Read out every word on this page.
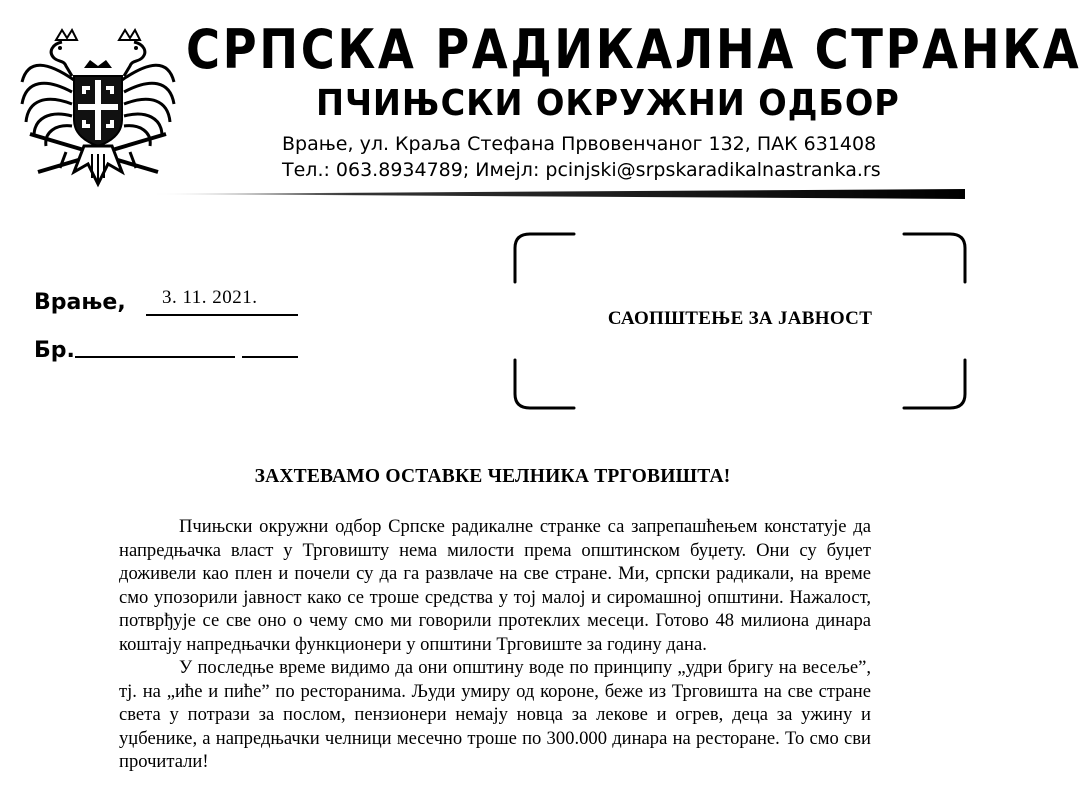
СРПСКА РАДИКАЛНА СТРАНКА
ПЧИЊСКИ ОКРУЖНИ ОДБОР
Врање, ул. Краља Стефана Првовенчаног 132, ПАК 631408
Тел.: 063.8934789; Имејл: pcinjski@srpskaradikalnastranka.rs
Врање, 3. 11. 2021.
Бр.
САОПШТЕЊЕ ЗА ЈАВНОСТ
ЗАХТЕВАМО ОСТАВКЕ ЧЕЛНИКА ТРГОВИШТА!

Пчињски окружни одбор Српске радикалне странке са запрепашћењем констатује да напредњачка власт у Трговишту нема милости према општинском буџету. Они су буџет доживели као плен и почели су да га развлаче на све стране. Ми, српски радикали, на време смо упозорили јавност како се троше средства у тој малој и сиромашној општини. Нажалост, потврђује се све оно о чему смо ми говорили протеклих месеци. Готово 48 милиона динара коштају напредњачки функционери у општини Трговиште за годину дана.

У последње време видимо да они општину воде по принципу „удри бригу на весеље”, тј. на „иће и пиће” по ресторанима. Људи умиру од короне, беже из Трговишта на све стране света у потрази за послом, пензионери немају новца за лекове и огрев, деца за ужину и уџбенике, а напредњачки челници месечно троше по 300.000 динара на ресторане. То смо сви прочитали!
